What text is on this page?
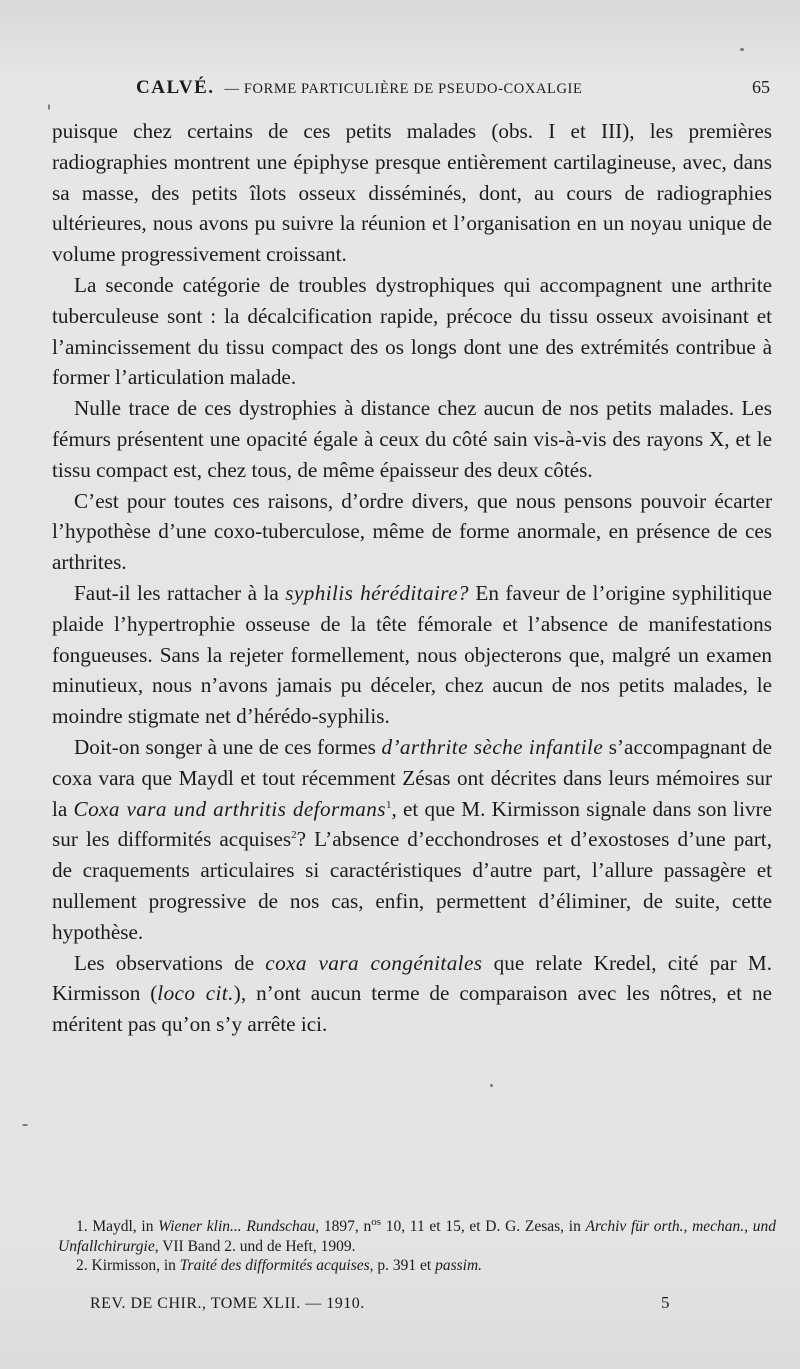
CALVÉ. — FORME PARTICULIÈRE DE PSEUDO-COXALGIE	65

puisque chez certains de ces petits malades (obs. I et III), les premières radiographies montrent une épiphyse presque entièrement cartilagineuse, avec, dans sa masse, des petits îlots osseux disséminés, dont, au cours de radiographies ultérieures, nous avons pu suivre la réunion et l’organisation en un noyau unique de volume progressivement croissant.

La seconde catégorie de troubles dystrophiques qui accompagnent une arthrite tuberculeuse sont : la décalcification rapide, précoce du tissu osseux avoisinant et l’amincissement du tissu compact des os longs dont une des extrémités contribue à former l’articulation malade.

Nulle trace de ces dystrophies à distance chez aucun de nos petits malades. Les fémurs présentent une opacité égale à ceux du côté sain vis-à-vis des rayons X, et le tissu compact est, chez tous, de même épaisseur des deux côtés.

C’est pour toutes ces raisons, d’ordre divers, que nous pensons pouvoir écarter l’hypothèse d’une coxo-tuberculose, même de forme anormale, en présence de ces arthrites.

Faut-il les rattacher à la syphilis héréditaire? En faveur de l’origine syphilitique plaide l’hypertrophie osseuse de la tête fémorale et l’absence de manifestations fongueuses. Sans la rejeter formellement, nous objecterons que, malgré un examen minutieux, nous n’avons jamais pu déceler, chez aucun de nos petits malades, le moindre stigmate net d’hérédo-syphilis.

Doit-on songer à une de ces formes d’arthrite sèche infantile s’accompagnant de coxa vara que Maydl et tout récemment Zésas ont décrites dans leurs mémoires sur la Coxa vara und arthritis deformans$^1$, et que M. Kirmisson signale dans son livre sur les difformités acquises$^2$? L’absence d’ecchondroses et d’exostoses d’une part, de craquements articulaires si caractéristiques d’autre part, l’allure passagère et nullement progressive de nos cas, enfin, permettent d’éliminer, de suite, cette hypothèse.

Les observations de coxa vara congénitales que relate Kredel, cité par M. Kirmisson (loco cit.), n’ont aucun terme de comparaison avec les nôtres, et ne méritent pas qu’on s’y arrête ici.

1. Maydl, in Wiener klin... Rundschau, 1897, $n^{os}$ 10, 11 et 15, et D. G. Zesas, in Archiv für orth., mechan., und Unfallchirurgie, VII Band 2. und de Heft, 1909.

2. Kirmisson, in Traité des difformités acquises, p. 391 et passim.

REV. DE CHIR., TOME XLII. — 1910.	5
